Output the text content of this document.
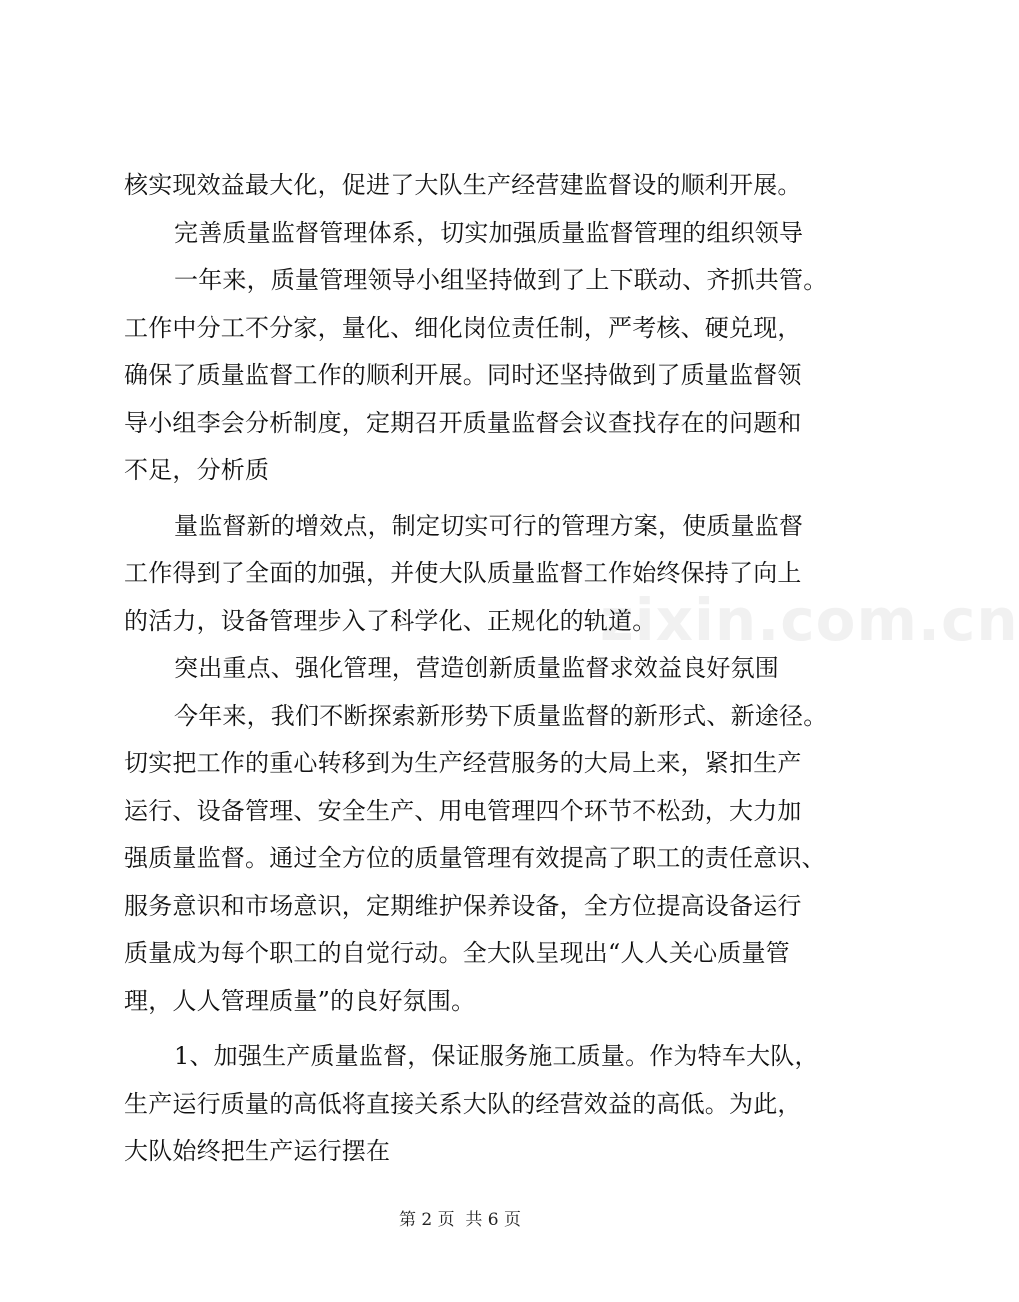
zixin.com.cn
核实现效益最大化，促进了大队生产经营建监督设的顺利开展。
完善质量监督管理体系，切实加强质量监督管理的组织领导
一年来，质量管理领导小组坚持做到了上下联动、齐抓共管。
工作中分工不分家，量化、细化岗位责任制，严考核、硬兑现，
确保了质量监督工作的顺利开展。同时还坚持做到了质量监督领
导小组李会分析制度，定期召开质量监督会议查找存在的问题和
不足，分析质
量监督新的增效点，制定切实可行的管理方案，使质量监督
工作得到了全面的加强，并使大队质量监督工作始终保持了向上
的活力，设备管理步入了科学化、正规化的轨道。
突出重点、强化管理，营造创新质量监督求效益良好氛围
今年来，我们不断探索新形势下质量监督的新形式、新途径。
切实把工作的重心转移到为生产经营服务的大局上来，紧扣生产
运行、设备管理、安全生产、用电管理四个环节不松劲，大力加
强质量监督。通过全方位的质量管理有效提高了职工的责任意识、
服务意识和市场意识，定期维护保养设备，全方位提高设备运行
质量成为每个职工的自觉行动。全大队呈现出“人人关心质量管
理，人人管理质量”的良好氛围。
1、加强生产质量监督，保证服务施工质量。作为特车大队，
生产运行质量的高低将直接关系大队的经营效益的高低。为此，
大队始终把生产运行摆在
第 2 页  共 6 页
